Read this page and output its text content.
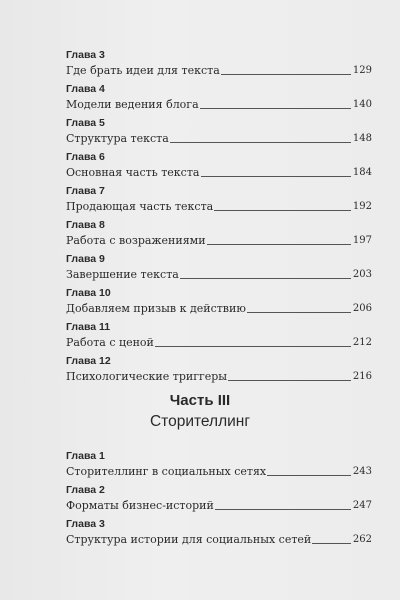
Глава 3
Где брать идеи для текста	129
Глава 4
Модели ведения блога	140
Глава 5
Структура текста	148
Глава 6
Основная часть текста	184
Глава 7
Продающая часть текста	192
Глава 8
Работа с возражениями	197
Глава 9
Завершение текста	203
Глава 10
Добавляем призыв к действию	206
Глава 11
Работа с ценой	212
Глава 12
Психологические триггеры	216
Часть III
Сторителлинг
Глава 1
Сторителлинг в социальных сетях	243
Глава 2
Форматы бизнес-историй	247
Глава 3
Структура истории для социальных сетей	262
